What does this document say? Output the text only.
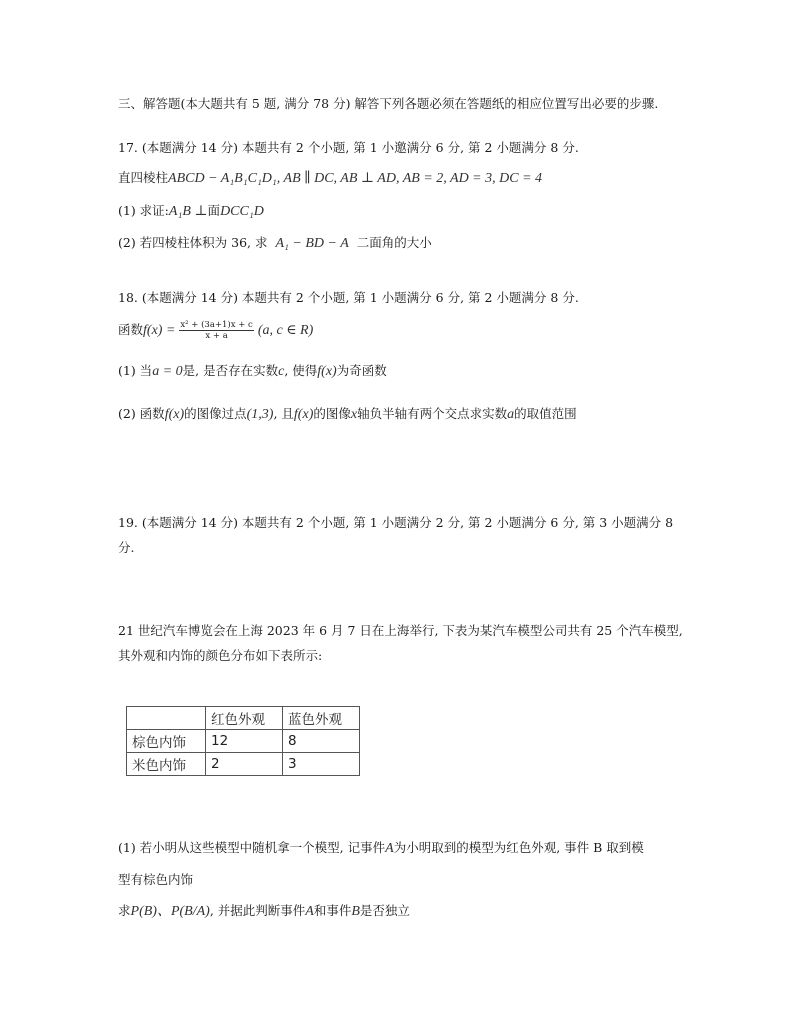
三、解答题(本大题共有 5 题, 满分 78 分) 解答下列各题必须在答题纸的相应位置写出必要的步骤.
17. (本题满分 14 分) 本题共有 2 个小题, 第 1 小邀满分 6 分, 第 2 小题满分 8 分.
直四棱柱ABCD − A₁B₁C₁D₁, AB ∥ DC, AB ⊥ AD, AB = 2, AD = 3, DC = 4
(1) 求证:A₁B ⊥面DCC₁D
(2) 若四棱柱体积为 36, 求 A₁ − BD − A 二面角的大小
18. (本题满分 14 分) 本题共有 2 个小题, 第 1 小题满分 6 分, 第 2 小题满分 8 分.
函数$f(x) = \frac{\text{x² + (3a+1)x + c}}{x + a} (a$, c ∈ R)
(1) 当a = 0是, 是否存在实数c, 使得f(x)为奇函数
(2) 函数f(x)的图像过点(1,3), 且f(x)的图像x轴负半轴有两个交点求实数a的取值范围
19. (本题满分 14 分) 本题共有 2 个小题, 第 1 小题满分 2 分, 第 2 小题满分 6 分, 第 3 小题满分 8 分.
21 世纪汽车博览会在上海 2023 年 6 月 7 日在上海举行, 下表为某汽车模型公司共有 25 个汽车模型, 其外观和内饰的颜色分布如下表所示:
	红色外观	蓝色外观
棕色内饰	12	8
米色内饰	2	3
(1) 若小明从这些模型中随机拿一个模型, 记事件A为小明取到的模型为红色外观, 事件 B 取到模
型有棕色内饰
求P(B)、P(B/A), 并据此判断事件A和事件B是否独立
